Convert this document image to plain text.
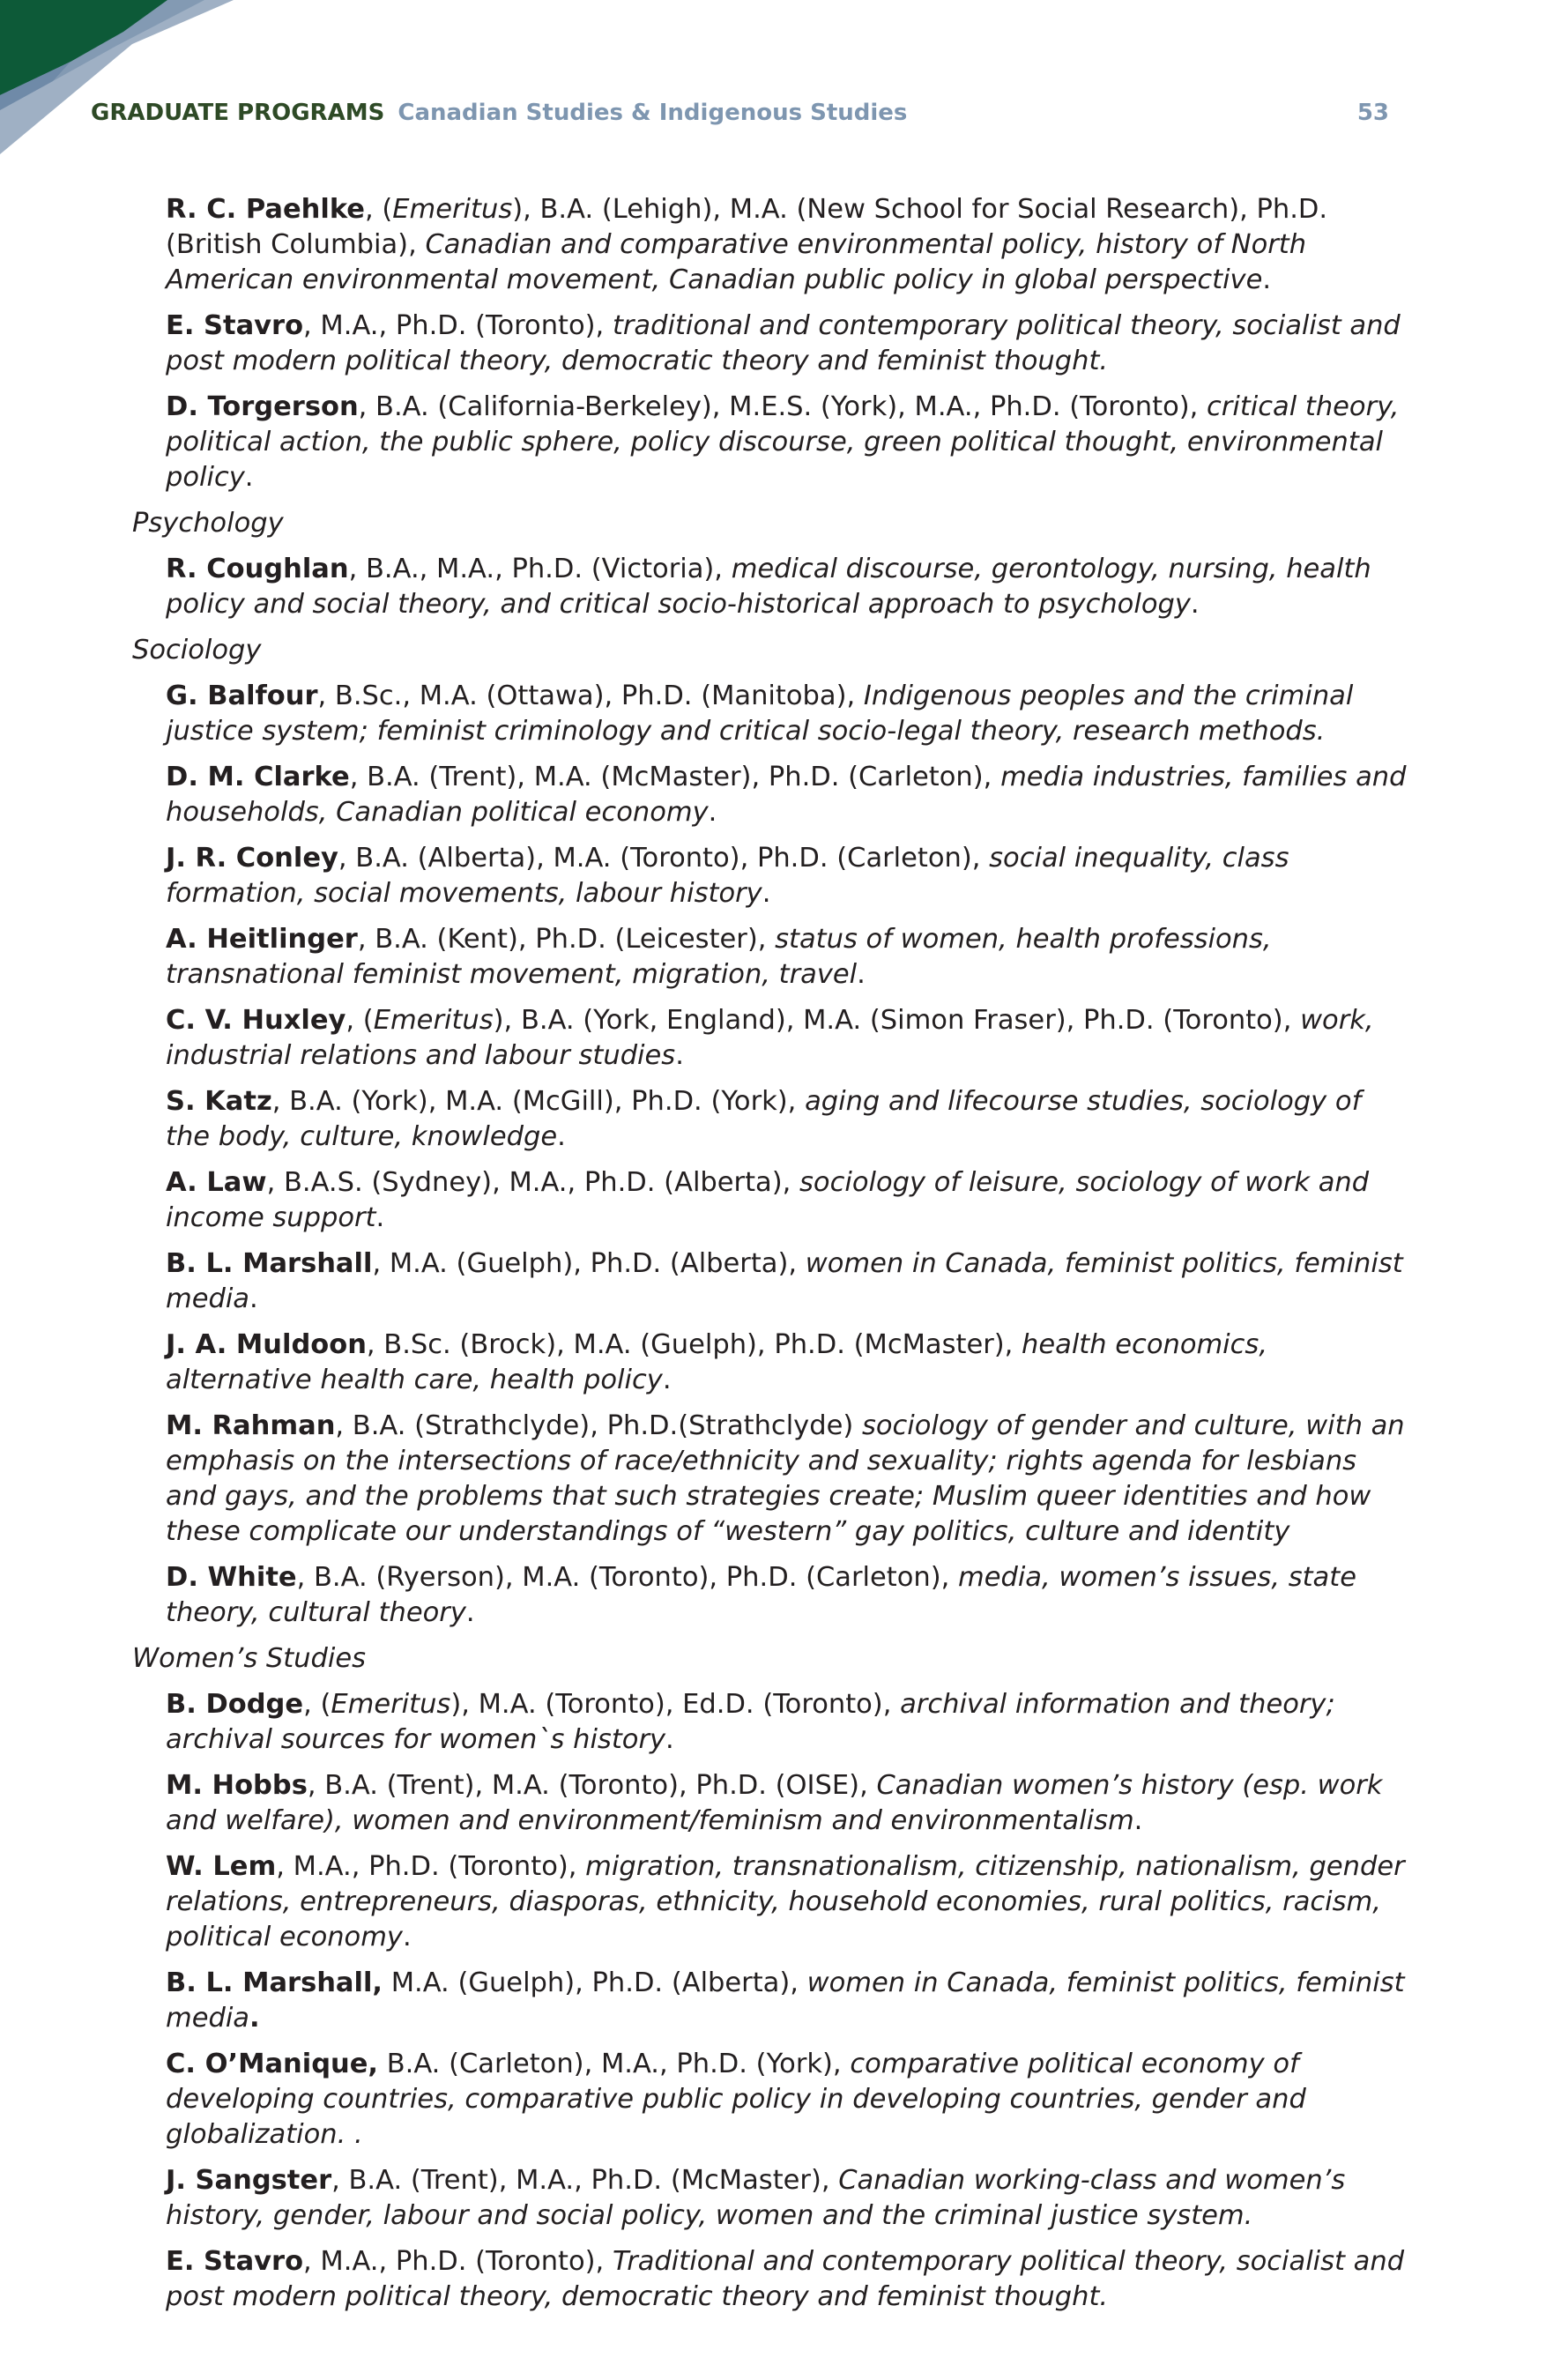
GRADUATE PROGRAMS Canadian Studies & Indigenous Studies	53

R. C. Paehlke, (Emeritus), B.A. (Lehigh), M.A. (New School for Social Research), Ph.D. (British Columbia), Canadian and comparative environmental policy, history of North American environmental movement, Canadian public policy in global perspective.

E. Stavro, M.A., Ph.D. (Toronto), traditional and contemporary political theory, socialist and post modern political theory, democratic theory and feminist thought.

D. Torgerson, B.A. (California-Berkeley), M.E.S. (York), M.A., Ph.D. (Toronto), critical theory, political action, the public sphere, policy discourse, green political thought, environmental policy.

Psychology

R. Coughlan, B.A., M.A., Ph.D. (Victoria), medical discourse, gerontology, nursing, health policy and social theory, and critical socio-historical approach to psychology.

Sociology

G. Balfour, B.Sc., M.A. (Ottawa), Ph.D. (Manitoba), Indigenous peoples and the criminal justice system; feminist criminology and critical socio-legal theory, research methods.

D. M. Clarke, B.A. (Trent), M.A. (McMaster), Ph.D. (Carleton), media industries, families and households, Canadian political economy.

J. R. Conley, B.A. (Alberta), M.A. (Toronto), Ph.D. (Carleton), social inequality, class formation, social movements, labour history.

A. Heitlinger, B.A. (Kent), Ph.D. (Leicester), status of women, health professions, transnational feminist movement, migration, travel.

C. V. Huxley, (Emeritus), B.A. (York, England), M.A. (Simon Fraser), Ph.D. (Toronto), work, industrial relations and labour studies.

S. Katz, B.A. (York), M.A. (McGill), Ph.D. (York), aging and lifecourse studies, sociology of the body, culture, knowledge.

A. Law, B.A.S. (Sydney), M.A., Ph.D. (Alberta), sociology of leisure, sociology of work and income support.

B. L. Marshall, M.A. (Guelph), Ph.D. (Alberta), women in Canada, feminist politics, feminist media.

J. A. Muldoon, B.Sc. (Brock), M.A. (Guelph), Ph.D. (McMaster), health economics, alternative health care, health policy.

M. Rahman, B.A. (Strathclyde), Ph.D.(Strathclyde) sociology of gender and culture, with an emphasis on the intersections of race/ethnicity and sexuality; rights agenda for lesbians and gays, and the problems that such strategies create; Muslim queer identities and how these complicate our understandings of “western” gay politics, culture and identity

D. White, B.A. (Ryerson), M.A. (Toronto), Ph.D. (Carleton), media, women’s issues, state theory, cultural theory.

Women’s Studies

B. Dodge, (Emeritus), M.A. (Toronto), Ed.D. (Toronto), archival information and theory; archival sources for women`s history.

M. Hobbs, B.A. (Trent), M.A. (Toronto), Ph.D. (OISE), Canadian women’s history (esp. work and welfare), women and environment/feminism and environmentalism.

W. Lem, M.A., Ph.D. (Toronto), migration, transnationalism, citizenship, nationalism, gender relations, entrepreneurs, diasporas, ethnicity, household economies, rural politics, racism, political economy.

B. L. Marshall, M.A. (Guelph), Ph.D. (Alberta), women in Canada, feminist politics, feminist media.

C. O’Manique, B.A. (Carleton), M.A., Ph.D. (York), comparative political economy of developing countries, comparative public policy in developing countries, gender and globalization. .

J. Sangster, B.A. (Trent), M.A., Ph.D. (McMaster), Canadian working-class and women’s history, gender, labour and social policy, women and the criminal justice system.

E. Stavro, M.A., Ph.D. (Toronto), Traditional and contemporary political theory, socialist and post modern political theory, democratic theory and feminist thought.
